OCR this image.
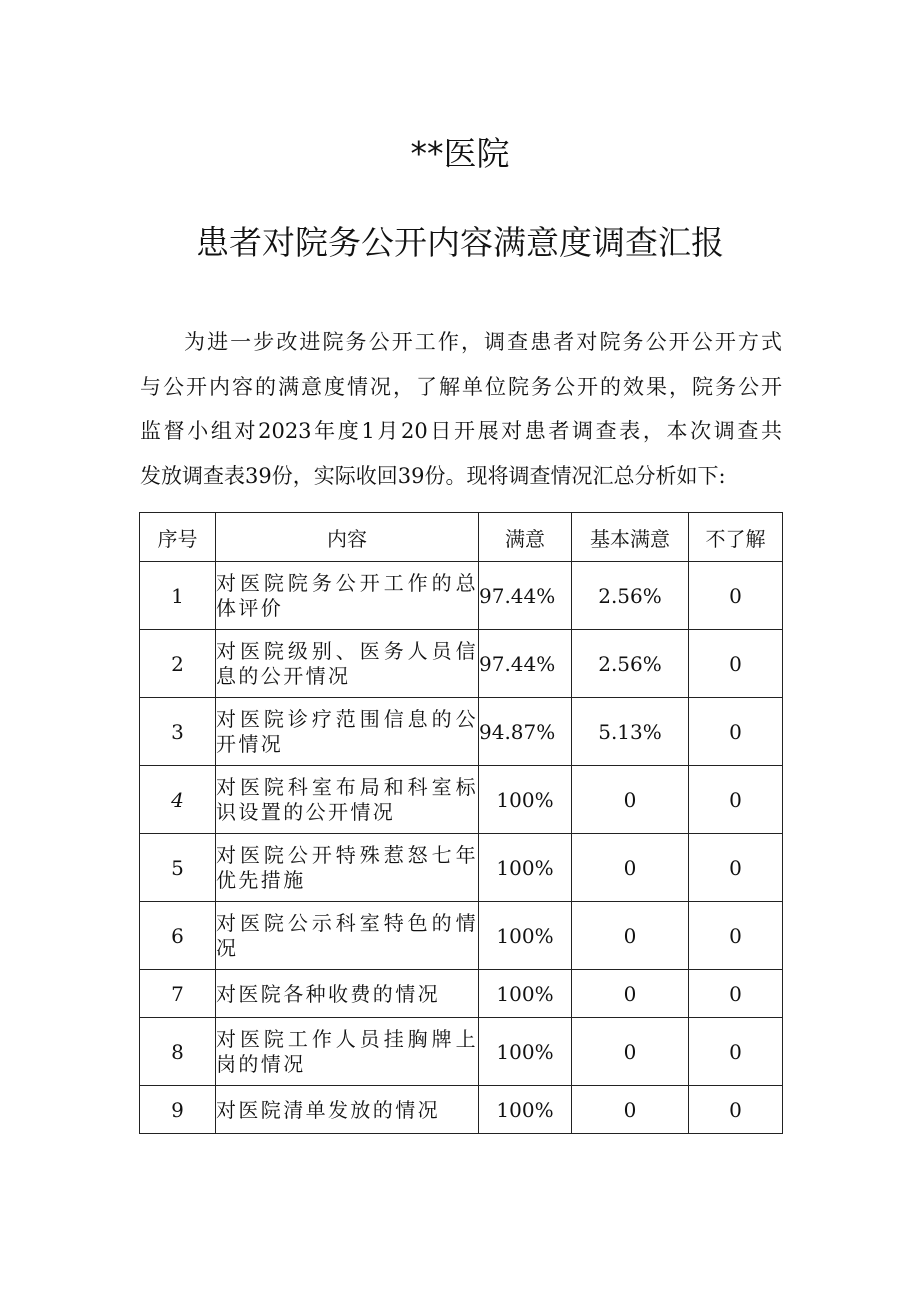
**医院
患者对院务公开内容满意度调查汇报
为进一步改进院务公开工作，调查患者对院务公开公开方式
与公开内容的满意度情况，了解单位院务公开的效果，院务公开
监督小组对2023年度1月20日开展对患者调查表，本次调查共
发放调查表39份，实际收回39份。现将调查情况汇总分析如下:
序号	内容	满意	基本满意	不了解
1	对医院院务公开工作的总体评价	97.44%	2.56%	0
2	对医院级别、医务人员信息的公开情况	97.44%	2.56%	0
3	对医院诊疗范围信息的公开情况	94.87%	5.13%	0
4	对医院科室布局和科室标识设置的公开情况	100%	0	0
5	对医院公开特殊惹怒七年优先措施	100%	0	0
6	对医院公示科室特色的情况	100%	0	0
7	对医院各种收费的情况	100%	0	0
8	对医院工作人员挂胸牌上岗的情况	100%	0	0
9	对医院清单发放的情况	100%	0	0
